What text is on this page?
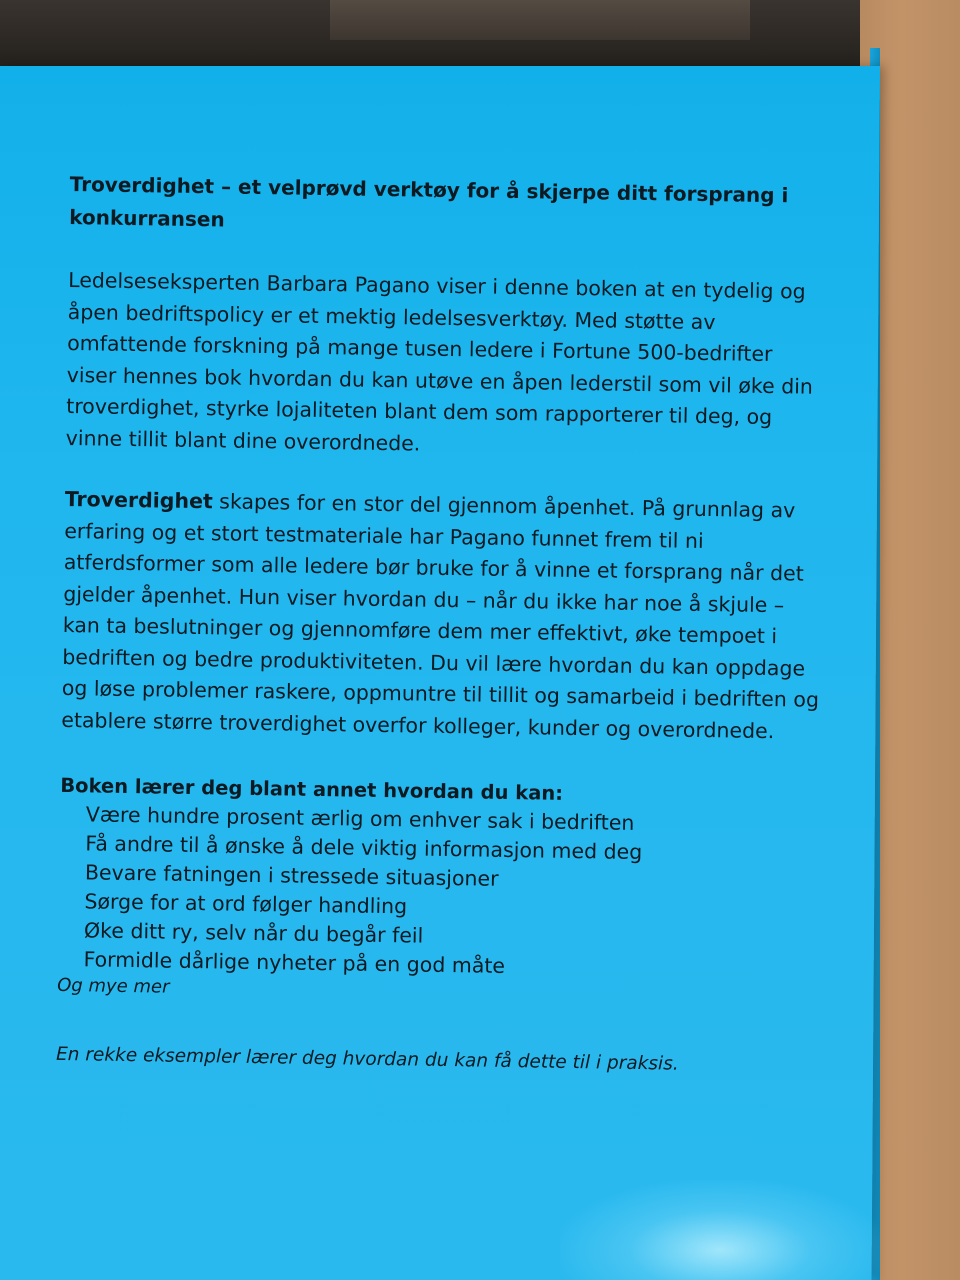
Troverdighet – et velprøvd verktøy for å skjerpe ditt forsprang i konkurransen

Ledelseseksperten Barbara Pagano viser i denne boken at en tydelig og åpen bedriftspolicy er et mektig ledelsesverktøy. Med støtte av omfattende forskning på mange tusen ledere i Fortune 500-bedrifter viser hennes bok hvordan du kan utøve en åpen lederstil som vil øke din troverdighet, styrke lojaliteten blant dem som rapporterer til deg, og vinne tillit blant dine overordnede.

Troverdighet skapes for en stor del gjennom åpenhet. På grunnlag av erfaring og et stort testmateriale har Pagano funnet frem til ni atferdsformer som alle ledere bør bruke for å vinne et forsprang når det gjelder åpenhet. Hun viser hvordan du – når du ikke har noe å skjule – kan ta beslutninger og gjennomføre dem mer effektivt, øke tempoet i bedriften og bedre produktiviteten. Du vil lære hvordan du kan oppdage og løse problemer raskere, oppmuntre til tillit og samarbeid i bedriften og etablere større troverdighet overfor kolleger, kunder og overordnede.

Boken lærer deg blant annet hvordan du kan:

Være hundre prosent ærlig om enhver sak i bedriften
Få andre til å ønske å dele viktig informasjon med deg
Bevare fatningen i stressede situasjoner
Sørge for at ord følger handling
Øke ditt ry, selv når du begår feil
Formidle dårlige nyheter på en god måte

Og mye mer

En rekke eksempler lærer deg hvordan du kan få dette til i praksis.
